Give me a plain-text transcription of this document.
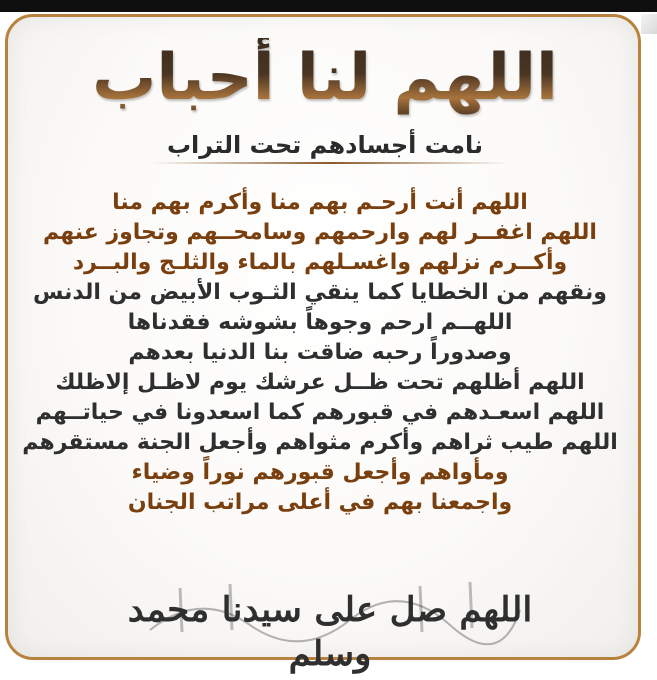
اللهم لنا أحباب
نامت أجسادهم تحت التراب
اللهم أنت أرحـم بهم منا وأكرم بهم منا
اللهم اغفــر لهم وارحمهم وسامحــهم وتجاوز عنهم
وأكــرم نزلهم واغسـلهم بالماء والثلـج والبــرد
ونقهم من الخطايا كما ينقي الثـوب الأبيض من الدنس
اللهــم ارحم وجوهاً بشوشه فقدناها
وصدوراً رحبه ضاقت بنا الدنيا بعدهم
اللهم أظلهم تحت ظــل عرشك يوم لاظـل إلاظلك
اللهم اسعـدهم في قبورهم كما اسعدونا في حياتــهم
اللهم طيب ثراهم وأكرم مثواهم وأجعل الجنة مستقرهم
ومأواهم وأجعل قبورهم نوراً وضياء
واجمعنا بهم في أعلى مراتب الجنان
اللهم صل على سيدنا محمد وسلم
